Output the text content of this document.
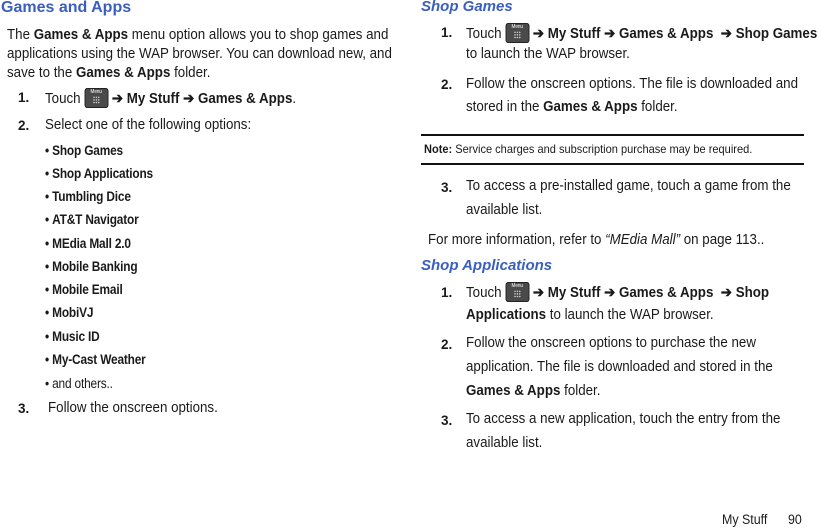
Games and Apps
The Games & Apps menu option allows you to shop games and
applications using the WAP browser. You can download new, and
save to the Games & Apps folder.
1. Touch	Menu ➔ My Stuff ➔ Games & Apps.
2. Select one of the following options:
• Shop Games
• Shop Applications
• Tumbling Dice
• AT&T Navigator
• MEdia Mall 2.0
• Mobile Banking
• Mobile Email
• MobiVJ
• Music ID
• My-Cast Weather
• and others..
3. Follow the onscreen options.
Shop Games
1. Touch	Menu ➔ My Stuff ➔ Games & Apps ➔ Shop Games
to launch the WAP browser.
2. Follow the onscreen options. The file is downloaded and
stored in the Games & Apps folder.
Note: Service charges and subscription purchase may be required.
3. To access a pre-installed game, touch a game from the
available list.
For more information, refer to “MEdia Mall” on page 113..
Shop Applications
1. Touch	Menu ➔ My Stuff ➔ Games & Apps ➔ Shop
Applications to launch the WAP browser.
2. Follow the onscreen options to purchase the new
application. The file is downloaded and stored in the
Games & Apps folder.
3. To access a new application, touch the entry from the
available list.
My Stuff 90
